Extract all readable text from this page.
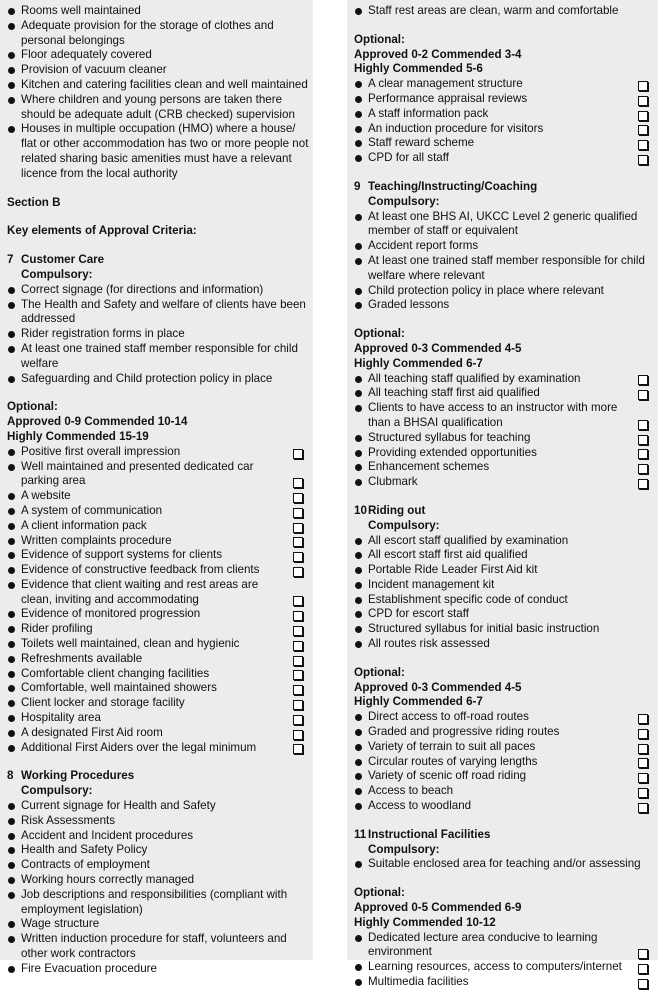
Rooms well maintained
Adequate provision for the storage of clothes and personal belongings
Floor adequately covered
Provision of vacuum cleaner
Kitchen and catering facilities clean and well maintained
Where children and young persons are taken there should be adequate adult (CRB checked) supervision
Houses in multiple occupation (HMO) where a house/ flat or other accommodation has two or more people not related sharing basic amenities must have a relevant licence from the local authority
Section B
Key elements of Approval Criteria:
7 Customer Care
Compulsory:
Correct signage (for directions and information)
The Health and Safety and welfare of clients have been addressed
Rider registration forms in place
At least one trained staff member responsible for child welfare
Safeguarding and Child protection policy in place
Optional:
Approved 0-9 Commended 10-14
Highly Commended 15-19
Positive first overall impression
Well maintained and presented dedicated car parking area
A website
A system of communication
A client information pack
Written complaints procedure
Evidence of support systems for clients
Evidence of constructive feedback from clients
Evidence that client waiting and rest areas are clean, inviting and accommodating
Evidence of monitored progression
Rider profiling
Toilets well maintained, clean and hygienic
Refreshments available
Comfortable client changing facilities
Comfortable, well maintained showers
Client locker and storage facility
Hospitality area
A designated First Aid room
Additional First Aiders over the legal minimum
8 Working Procedures
Compulsory:
Current signage for Health and Safety
Risk Assessments
Accident and Incident procedures
Health and Safety Policy
Contracts of employment
Working hours correctly managed
Job descriptions and responsibilities (compliant with employment legislation)
Wage structure
Written induction procedure for staff, volunteers and other work contractors
Fire Evacuation procedure
Staff rest areas are clean, warm and comfortable
Optional:
Approved 0-2 Commended 3-4
Highly Commended 5-6
A clear management structure
Performance appraisal reviews
A staff information pack
An induction procedure for visitors
Staff reward scheme
CPD for all staff
9 Teaching/Instructing/Coaching
Compulsory:
At least one BHS AI, UKCC Level 2 generic qualified member of staff or equivalent
Accident report forms
At least one trained staff member responsible for child welfare where relevant
Child protection policy in place where relevant
Graded lessons
Optional:
Approved 0-3 Commended 4-5
Highly Commended 6-7
All teaching staff qualified by examination
All teaching staff first aid qualified
Clients to have access to an instructor with more than a BHSAI qualification
Structured syllabus for teaching
Providing extended opportunities
Enhancement schemes
Clubmark
10Riding out
Compulsory:
All escort staff qualified by examination
All escort staff first aid qualified
Portable Ride Leader First Aid kit
Incident management kit
Establishment specific code of conduct
CPD for escort staff
Structured syllabus for initial basic instruction
All routes risk assessed
Optional:
Approved 0-3 Commended 4-5
Highly Commended 6-7
Direct access to off-road routes
Graded and progressive riding routes
Variety of terrain to suit all paces
Circular routes of varying lengths
Variety of scenic off road riding
Access to beach
Access to woodland
11 Instructional Facilities
Compulsory:
Suitable enclosed area for teaching and/or assessing
Optional:
Approved 0-5 Commended 6-9
Highly Commended 10-12
Dedicated lecture area conducive to learning environment
Learning resources, access to computers/internet
Multimedia facilities
